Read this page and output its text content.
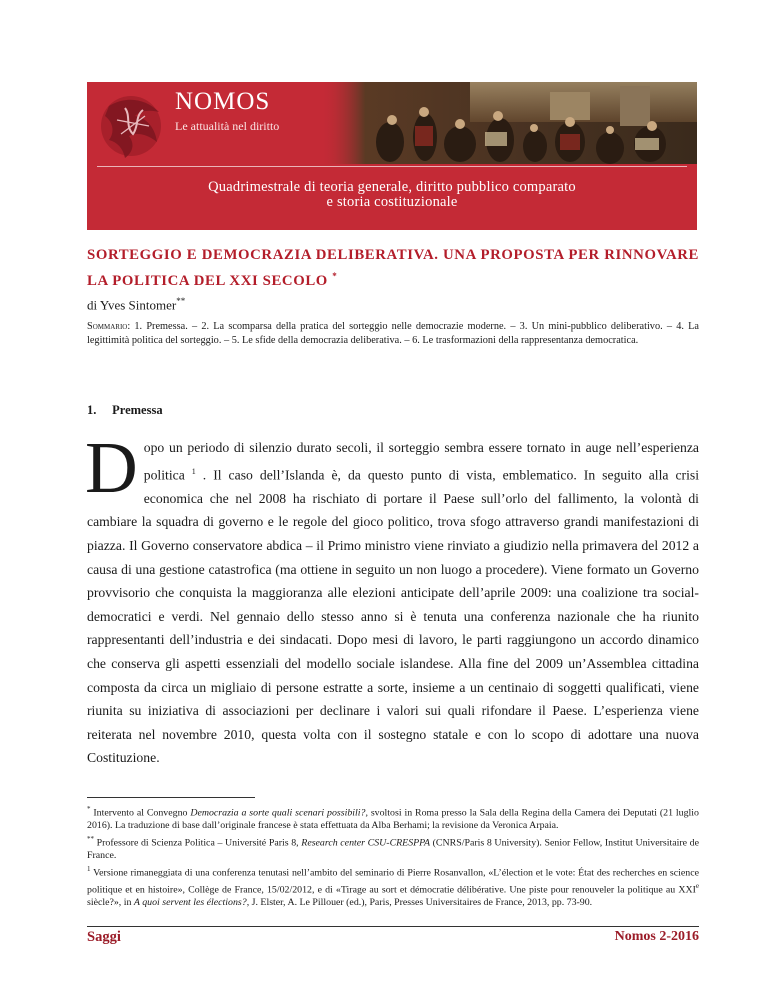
NOMOS
Le attualità nel diritto
Quadrimestrale di teoria generale, diritto pubblico comparato
e storia costituzionale
SORTEGGIO E DEMOCRAZIA DELIBERATIVA. UNA PROPOSTA PER RINNOVARE LA POLITICA DEL XXI SECOLO *
di Yves Sintomer**
Sommario: 1. Premessa. – 2. La scomparsa della pratica del sorteggio nelle democrazie moderne. – 3. Un mini-pubblico deliberativo. – 4. La legittimità politica del sorteggio. – 5. Le sfide della democrazia deliberativa. – 6. Le trasformazioni della rappresentanza democratica.
1. Premessa
D opo un periodo di silenzio durato secoli, il sorteggio sembra essere tornato in auge nell’esperienza politica $^1$ . Il caso dell’Islanda è, da questo punto di vista, emblematico. In seguito alla crisi economica che nel 2008 ha rischiato di portare il Paese sull’orlo del fallimento, la volontà di cambiare la squadra di governo e le regole del gioco politico, trova sfogo attraverso grandi manifestazioni di piazza. Il Governo conservatore abdica – il Primo ministro viene rinviato a giudizio nella primavera del 2012 a causa di una gestione catastrofica (ma ottiene in seguito un non luogo a procedere). Viene formato un Governo provvisorio che conquista la maggioranza alle elezioni anticipate dell’aprile 2009: una coalizione tra social-democratici e verdi. Nel gennaio dello stesso anno si è tenuta una conferenza nazionale che ha riunito rappresentanti dell’industria e dei sindacati. Dopo mesi di lavoro, le parti raggiungono un accordo dinamico che conserva gli aspetti essenziali del modello sociale islandese. Alla fine del 2009 un’Assemblea cittadina composta da circa un migliaio di persone estratte a sorte, insieme a un centinaio di soggetti qualificati, viene riunita su iniziativa di associazioni per declinare i valori sui quali rifondare il Paese. L’esperienza viene reiterata nel novembre 2010, questa volta con il sostegno statale e con lo scopo di adottare una nuova Costituzione.

* Intervento al Convegno Democrazia a sorte quali scenari possibili?, svoltosi in Roma presso la Sala della Regina della Camera dei Deputati (21 luglio 2016). La traduzione di base dall’originale francese è stata effettuata da Alba Berhami; la revisione da Veronica Arpaia.

** Professore di Scienza Politica – Université Paris 8, Research center CSU-CRESPPA (CNRS/Paris 8 University). Senior Fellow, Institut Universitaire de France.

$^1$ Versione rimaneggiata di una conferenza tenutasi nell’ambito del seminario di Pierre Rosanvallon, «L’élection et le vote: État des recherches en science politique et en histoire», Collège de France, 15/02/2012, e di «Tirage au sort et démocratie délibérative. Une piste pour renouveler la politique au XXIe siècle?», in A quoi servent les élections?, J. Elster, A. Le Pillouer (ed.), Paris, Presses Universitaires de France, 2013, pp. 73-90.

Saggi	Nomos 2-2016
